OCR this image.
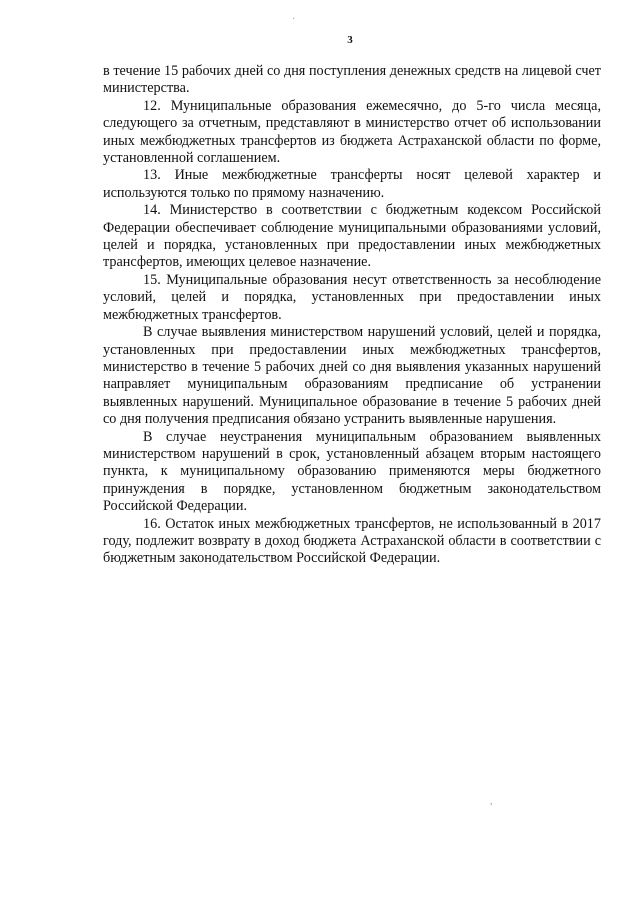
3

в течение 15 рабочих дней со дня поступления денежных средств на лицевой счет министерства.

12. Муниципальные образования ежемесячно, до 5-го числа месяца, следующего за отчетным, представляют в министерство отчет об использовании иных межбюджетных трансфертов из бюджета Астраханской области по форме, установленной соглашением.

13. Иные межбюджетные трансферты носят целевой характер и используются только по прямому назначению.

14. Министерство в соответствии с бюджетным кодексом Российской Федерации обеспечивает соблюдение муниципальными образованиями условий, целей и порядка, установленных при предоставлении иных межбюджетных трансфертов, имеющих целевое назначение.

15. Муниципальные образования несут ответственность за несоблюдение условий, целей и порядка, установленных при предоставлении иных межбюджетных трансфертов.

В случае выявления министерством нарушений условий, целей и порядка, установленных при предоставлении иных межбюджетных трансфертов, министерство в течение 5 рабочих дней со дня выявления указанных нарушений направляет муниципальным образованиям предписание об устранении выявленных нарушений. Муниципальное образование в течение 5 рабочих дней со дня получения предписания обязано устранить выявленные нарушения.

В случае неустранения муниципальным образованием выявленных министерством нарушений в срок, установленный абзацем вторым настоящего пункта, к муниципальному образованию применяются меры бюджетного принуждения в порядке, установленном бюджетным законодательством Российской Федерации.

16. Остаток иных межбюджетных трансфертов, не использованный в 2017 году, подлежит возврату в доход бюджета Астраханской области в соответствии с бюджетным законодательством Российской Федерации.

,
·
